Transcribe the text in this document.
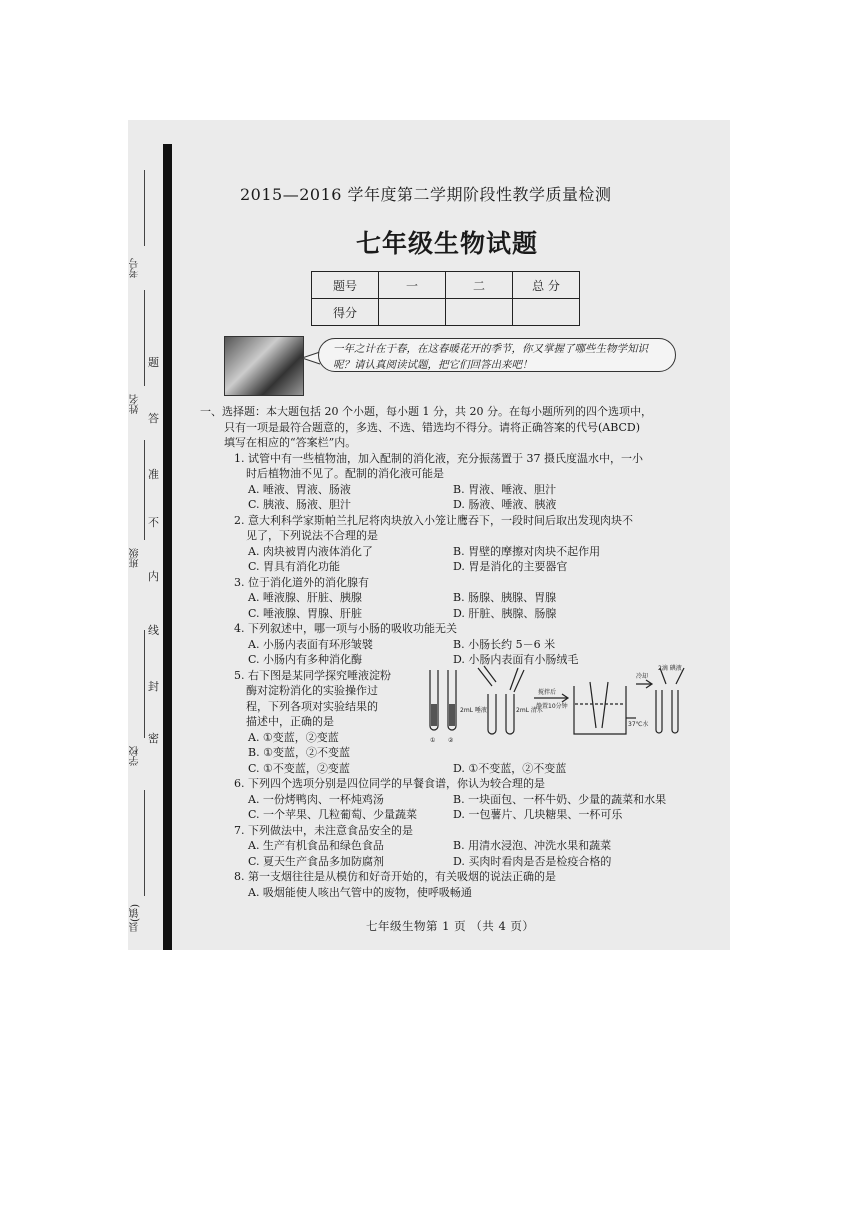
考号
姓名
班级
学校
县(镇)
题
答
准
不
内
线
封
密
2015—2016 学年度第二学期阶段性教学质量检测
七年级生物试题
题号	一	二	总 分
得分			
一年之计在于春，在这春暖花开的季节，你又掌握了哪些生物学知识呢？请认真阅读试题，把它们回答出来吧！
一、选择题：本大题包括 20 个小题，每小题 1 分，共 20 分。在每小题所列的四个选项中，
只有一项是最符合题意的，多选、不选、错选均不得分。请将正确答案的代号(ABCD)
填写在相应的“答案栏”内。
1. 试管中有一些植物油，加入配制的消化液，充分振荡置于 37 摄氏度温水中，一小
时后植物油不见了。配制的消化液可能是
A. 唾液、胃液、肠液	B. 胃液、唾液、胆汁
C. 胰液、肠液、胆汁	D. 肠液、唾液、胰液
2. 意大利科学家斯帕兰扎尼将肉块放入小笼让鹰吞下，一段时间后取出发现肉块不
见了，下列说法不合理的是
A. 肉块被胃内液体消化了	B. 胃壁的摩擦对肉块不起作用
C. 胃具有消化功能	D. 胃是消化的主要器官
3. 位于消化道外的消化腺有
A. 唾液腺、肝脏、胰腺	B. 肠腺、胰腺、胃腺
C. 唾液腺、胃腺、肝脏	D. 肝脏、胰腺、肠腺
4. 下列叙述中，哪一项与小肠的吸收功能无关
A. 小肠内表面有环形皱襞	B. 小肠长约 5－6 米
C. 小肠内有多种消化酶	D. 小肠内表面有小肠绒毛
5. 右下图是某同学探究唾液淀粉
酶对淀粉消化的实验操作过
程，下列各项对实验结果的
描述中，正确的是
A. ①变蓝，②变蓝
B. ①变蓝，②不变蓝
C. ①不变蓝，②变蓝	D. ①不变蓝，②不变蓝
6. 下列四个选项分别是四位同学的早餐食谱，你认为较合理的是
A. 一份烤鸭肉、一杯炖鸡汤	B. 一块面包、一杯牛奶、少量的蔬菜和水果
C. 一个苹果、几粒葡萄、少量蔬菜	D. 一包薯片、几块糖果、一杯可乐
7. 下列做法中，未注意食品安全的是
A. 生产有机食品和绿色食品	B. 用清水浸泡、冲洗水果和蔬菜
C. 夏天生产食品多加防腐剂	D. 买肉时看肉是否是检疫合格的
8. 第一支烟往往是从模仿和好奇开始的，有关吸烟的说法正确的是
A. 吸烟能使人咳出气管中的废物，使呼吸畅通
① ②
2mL 唾液	2mL 清水
搅拌后
静置10分钟
37℃水
冷却
2滴 碘液
七年级生物第 1 页 （共 4 页）
